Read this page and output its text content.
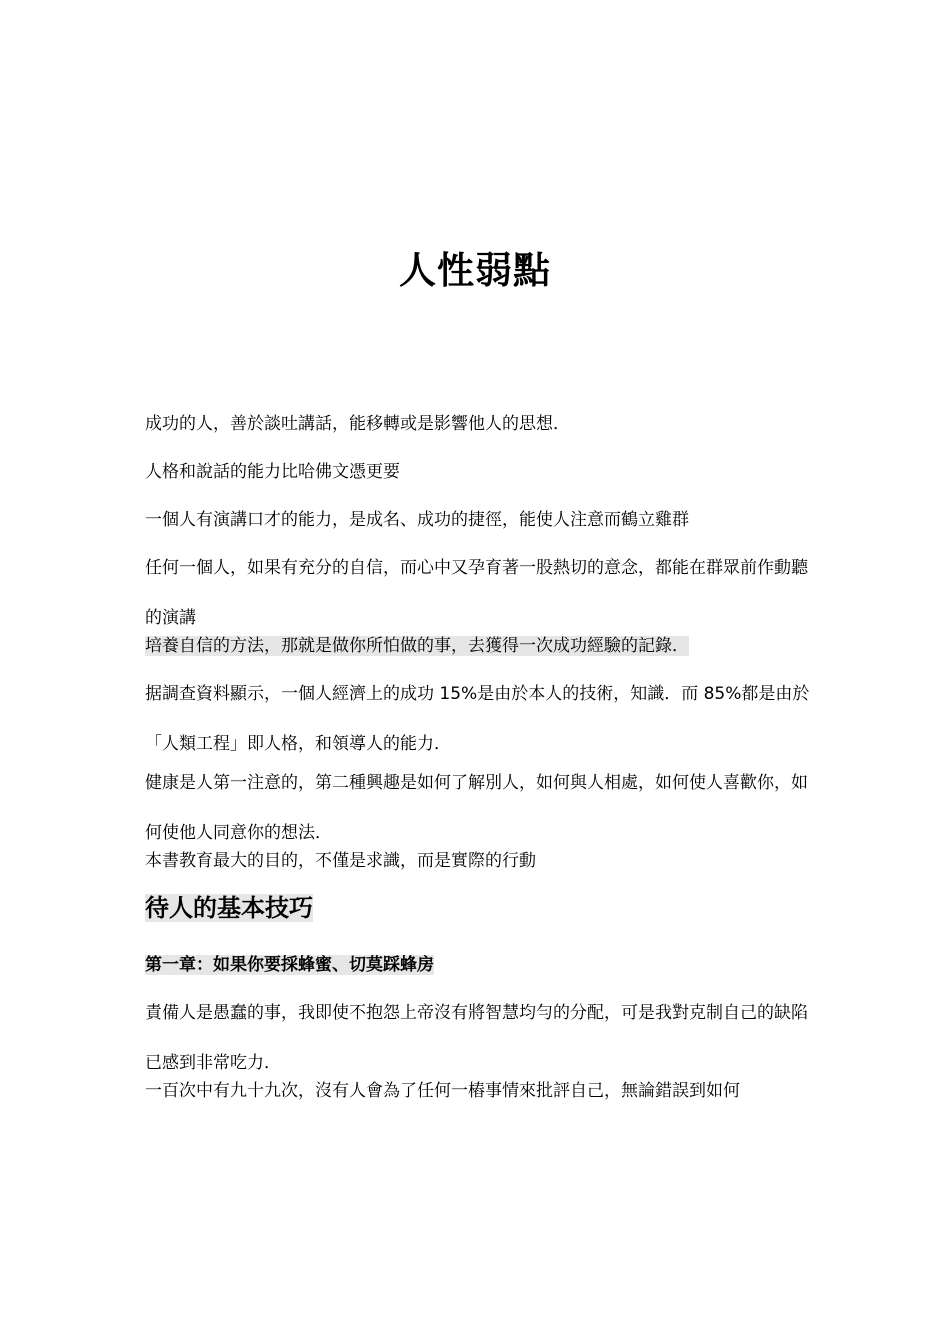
人性弱點

成功的人，善於談吐講話，能移轉或是影響他人的思想．

人格和說話的能力比哈佛文憑更要

一個人有演講口才的能力，是成名、成功的捷徑，能使人注意而鶴立雞群

任何一個人，如果有充分的自信，而心中又孕育著一股熱切的意念，都能在群眾前作動聽的演講

培養自信的方法，那就是做你所怕做的事，去獲得一次成功經驗的記錄．

据調查資料顯示，一個人經濟上的成功 15%是由於本人的技術，知識．而 85%都是由於「人類工程」即人格，和領導人的能力．

健康是人第一注意的，第二種興趣是如何了解別人，如何與人相處，如何使人喜歡你，如何使他人同意你的想法．

本書教育最大的目的，不僅是求識，而是實際的行動

待人的基本技巧
第一章：如果你要採蜂蜜、切莫踩蜂房

責備人是愚蠢的事，我即使不抱怨上帝沒有將智慧均勻的分配，可是我對克制自己的缺陷已感到非常吃力．

一百次中有九十九次，沒有人會為了任何一樁事情來批評自己，無論錯誤到如何
